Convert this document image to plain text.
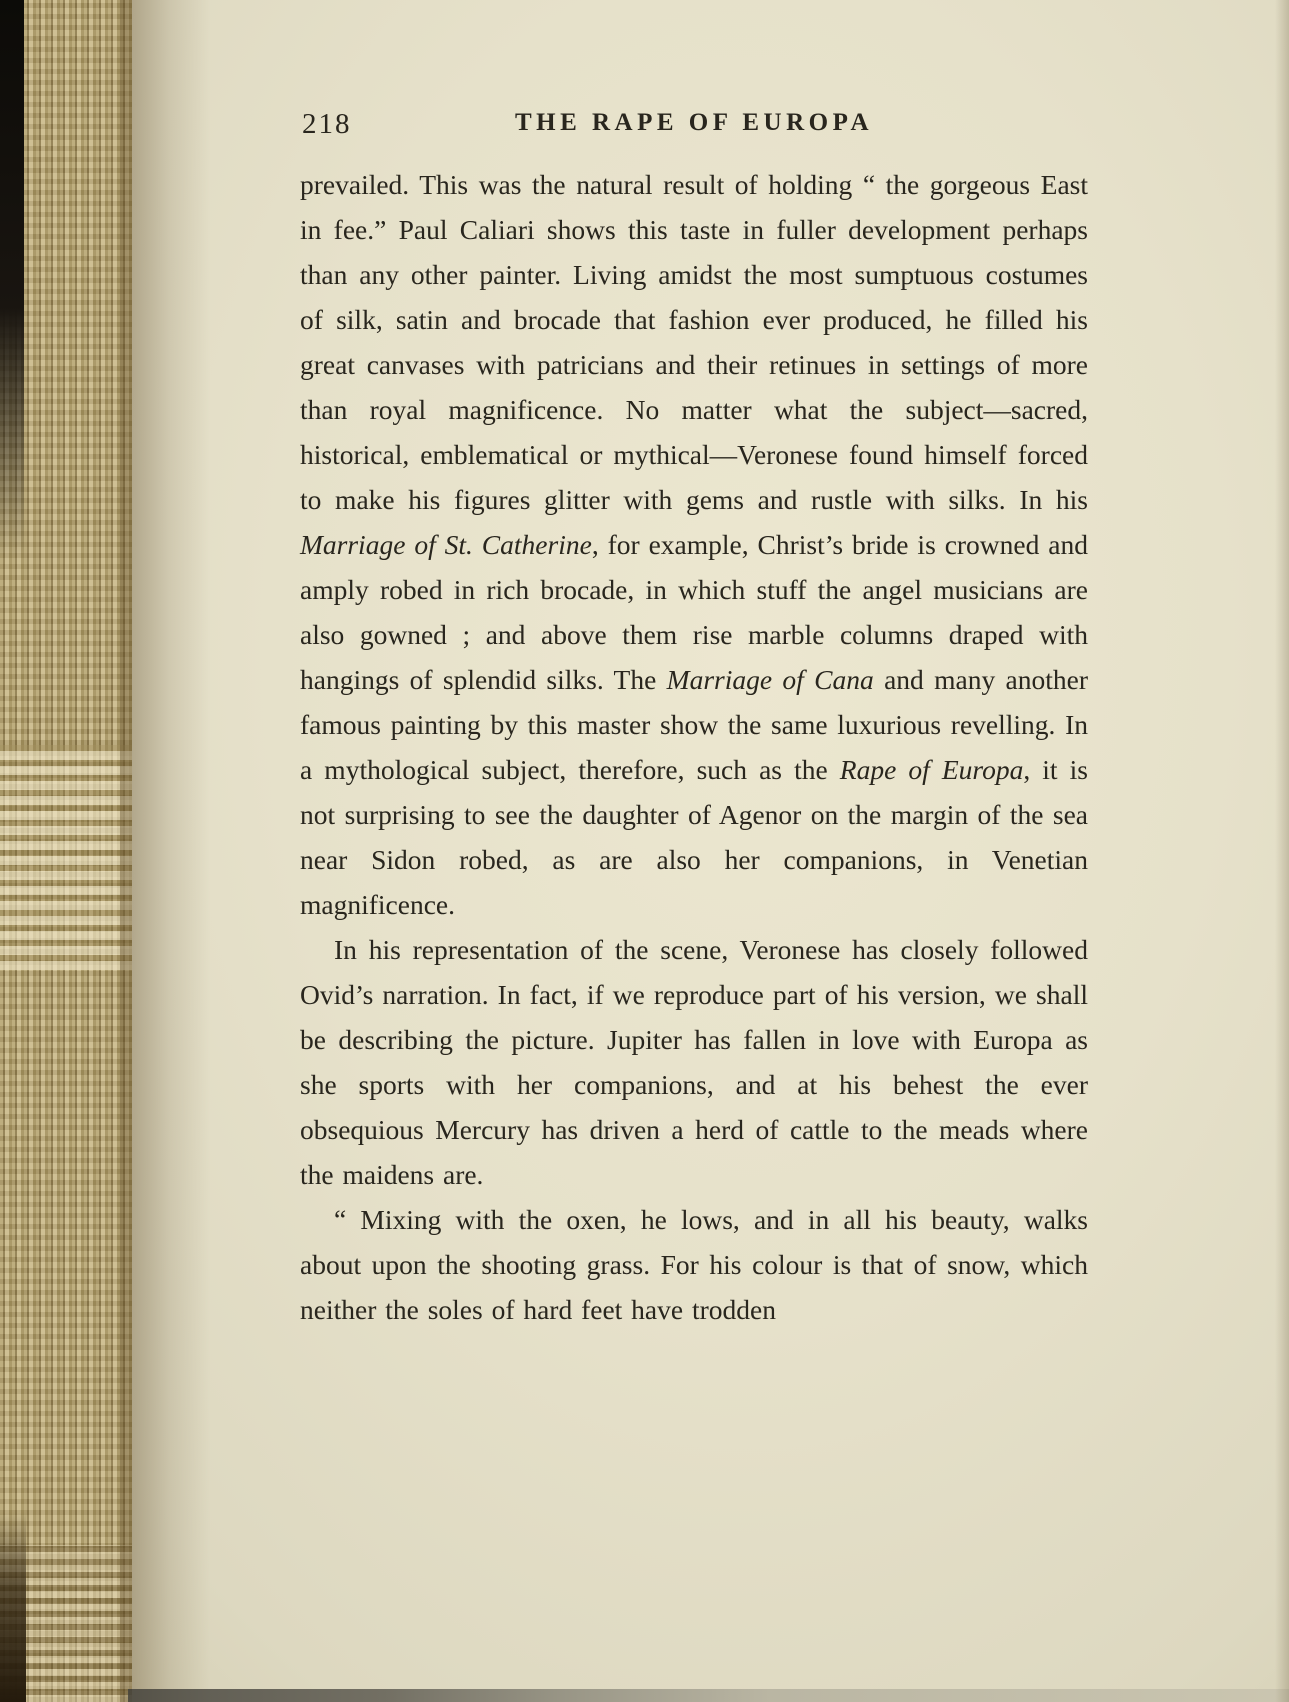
218	THE RAPE OF EUROPA

prevailed. This was the natural result of holding “ the gorgeous East in fee.” Paul Caliari shows this taste in fuller development perhaps than any other painter. Living amidst the most sumptuous costumes of silk, satin and brocade that fashion ever produced, he filled his great canvases with patricians and their retinues in settings of more than royal magnificence. No matter what the subject—sacred, historical, emblematical or mythical—Veronese found himself forced to make his figures glitter with gems and rustle with silks. In his Marriage of St. Catherine, for example, Christ’s bride is crowned and amply robed in rich brocade, in which stuff the angel musicians are also gowned ; and above them rise marble columns draped with hangings of splendid silks. The Marriage of Cana and many another famous painting by this master show the same luxurious revelling. In a mythological subject, therefore, such as the Rape of Europa, it is not surprising to see the daughter of Agenor on the margin of the sea near Sidon robed, as are also her companions, in Venetian magnificence.

In his representation of the scene, Veronese has closely followed Ovid’s narration. In fact, if we reproduce part of his version, we shall be describing the picture. Jupiter has fallen in love with Europa as she sports with her companions, and at his behest the ever obsequious Mercury has driven a herd of cattle to the meads where the maidens are.

“ Mixing with the oxen, he lows, and in all his beauty, walks about upon the shooting grass. For his colour is that of snow, which neither the soles of hard feet have trodden
